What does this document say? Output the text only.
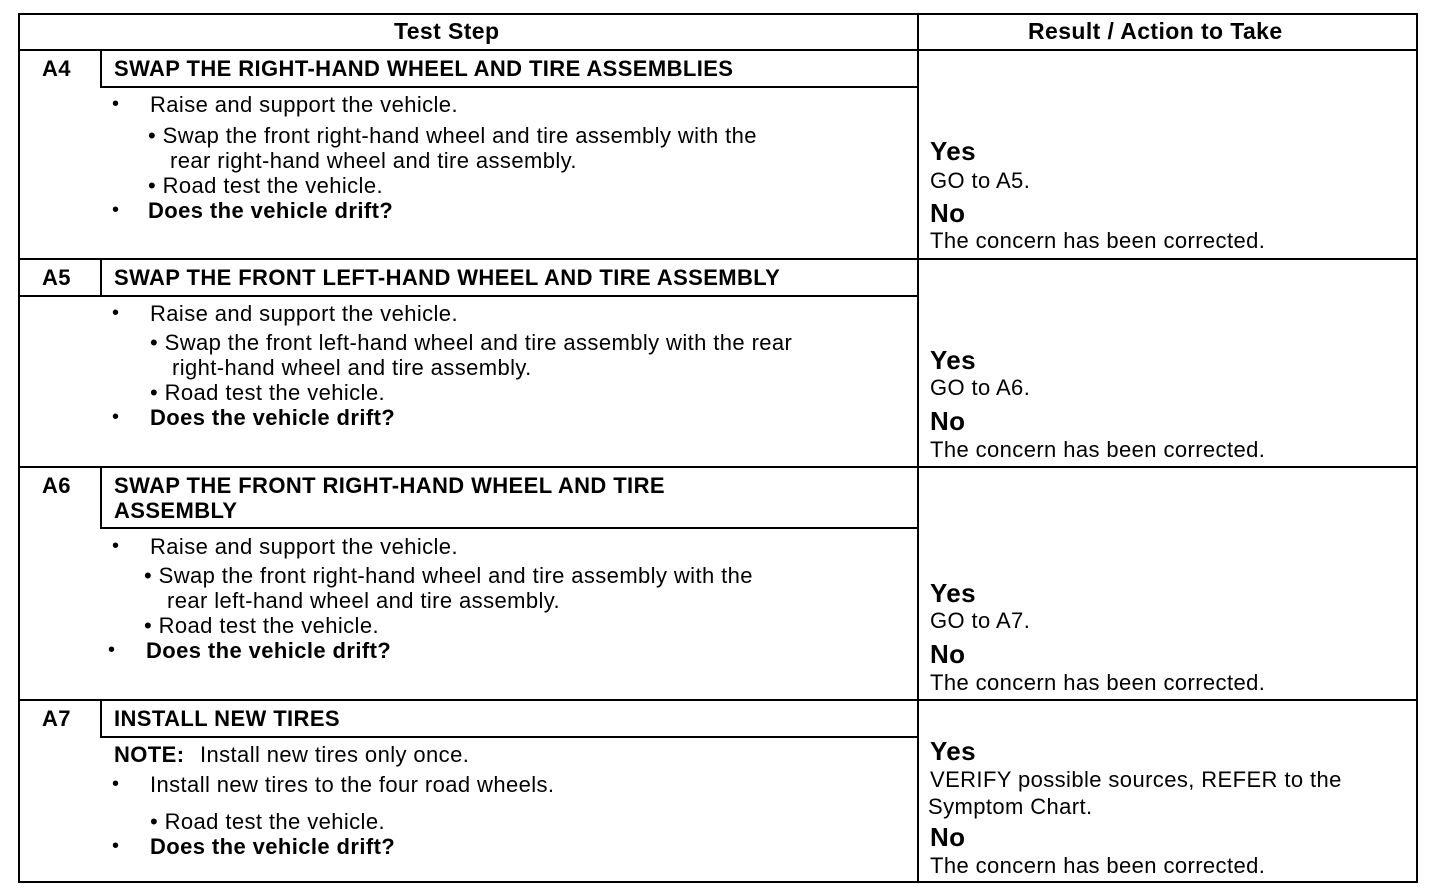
Test Step	Result / Action to Take
A4 SWAP THE RIGHT-HAND WHEEL AND TIRE ASSEMBLIES
• Raise and support the vehicle.
• Swap the front right-hand wheel and tire assembly with the
rear right-hand wheel and tire assembly.
• Road test the vehicle.
• Does the vehicle drift?
Yes
GO to A5.
No
The concern has been corrected.
A5 SWAP THE FRONT LEFT-HAND WHEEL AND TIRE ASSEMBLY
• Raise and support the vehicle.
• Swap the front left-hand wheel and tire assembly with the rear
right-hand wheel and tire assembly.
• Road test the vehicle.
• Does the vehicle drift?
Yes
GO to A6.
No
The concern has been corrected.
A6 SWAP THE FRONT RIGHT-HAND WHEEL AND TIRE
ASSEMBLY
• Raise and support the vehicle.
• Swap the front right-hand wheel and tire assembly with the
rear left-hand wheel and tire assembly.
• Road test the vehicle.
• Does the vehicle drift?
Yes
GO to A7.
No
The concern has been corrected.
A7 INSTALL NEW TIRES
NOTE: Install new tires only once.
• Install new tires to the four road wheels.
• Road test the vehicle.
• Does the vehicle drift?
Yes
VERIFY possible sources, REFER to the
Symptom Chart.
No
The concern has been corrected.
